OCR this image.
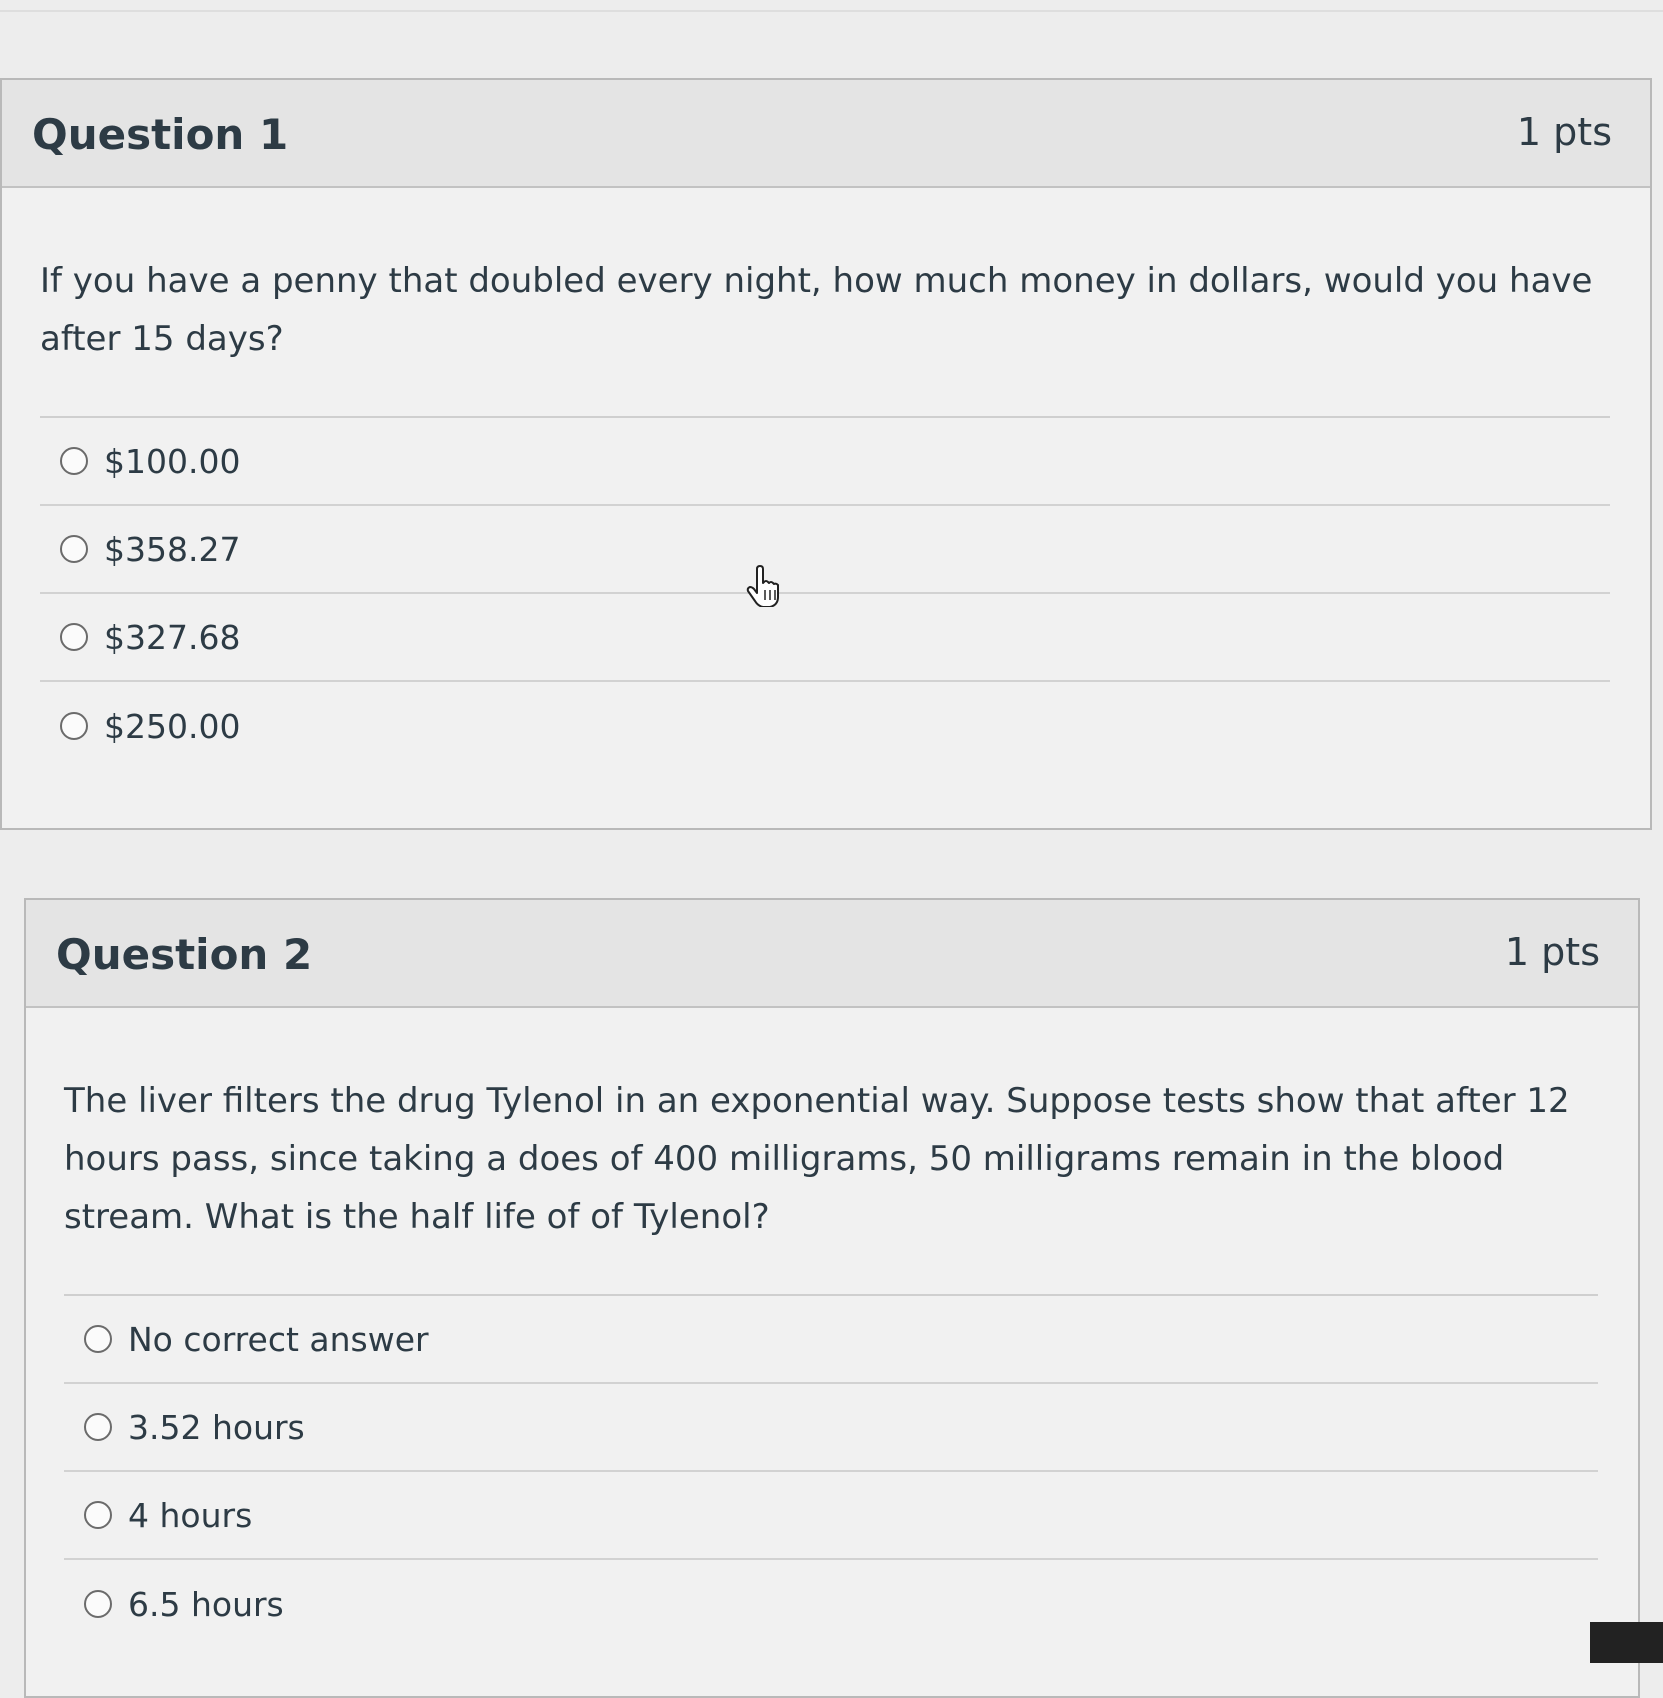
Question 1	1 pts

If you have a penny that doubled every night, how much money in dollars, would you have after 15 days?

$100.00
$358.27
$327.68
$250.00
Question 2	1 pts

The liver filters the drug Tylenol in an exponential way. Suppose tests show that after 12 hours pass, since taking a does of 400 milligrams, 50 milligrams remain in the blood stream. What is the half life of of Tylenol?

No correct answer
3.52 hours
4 hours
6.5 hours
